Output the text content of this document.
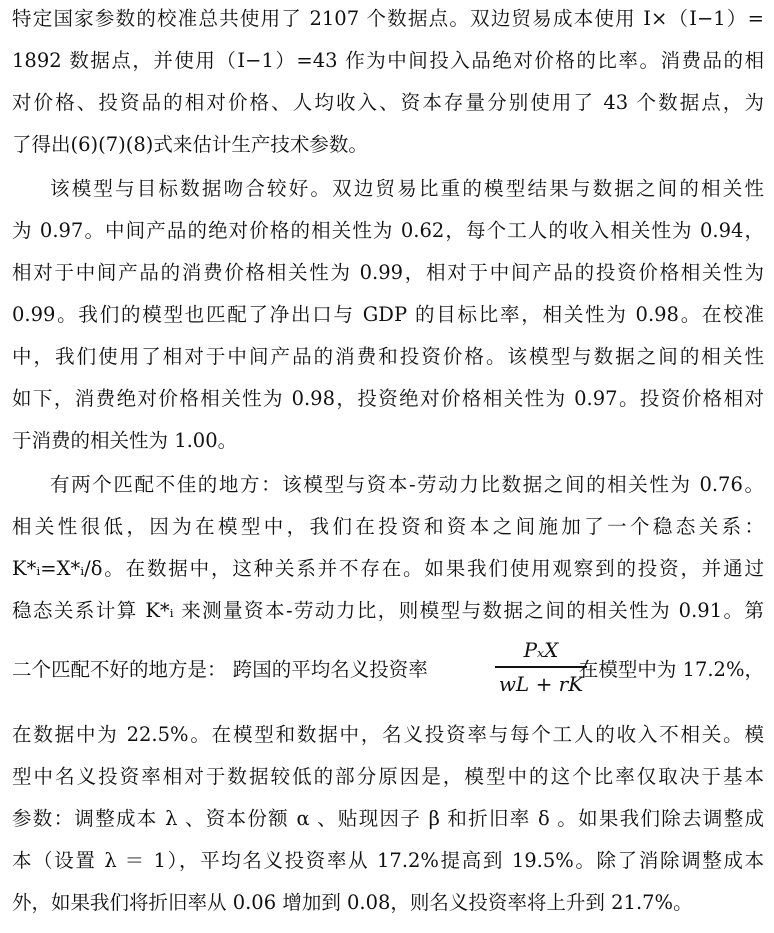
特定国家参数的校准总共使用了 2107 个数据点。双边贸易成本使用 I×（I−1）=
1892 数据点，并使用（I−1）=43 作为中间投入品绝对价格的比率。消费品的相
对价格、投资品的相对价格、人均收入、资本存量分别使用了 43 个数据点，为
了得出(6)(7)(8)式来估计生产技术参数。
该模型与目标数据吻合较好。双边贸易比重的模型结果与数据之间的相关性
为 0.97。中间产品的绝对价格的相关性为 0.62，每个工人的收入相关性为 0.94，
相对于中间产品的消费价格相关性为 0.99，相对于中间产品的投资价格相关性为
0.99。我们的模型也匹配了净出口与 GDP 的目标比率，相关性为 0.98。在校准
中，我们使用了相对于中间产品的消费和投资价格。该模型与数据之间的相关性
如下，消费绝对价格相关性为 0.98，投资绝对价格相关性为 0.97。投资价格相对
于消费的相关性为 1.00。
有两个匹配不佳的地方：该模型与资本-劳动力比数据之间的相关性为 0.76。
相关性很低，因为在模型中，我们在投资和资本之间施加了一个稳态关系：
K*ᵢ=X*ᵢ/δ。在数据中，这种关系并不存在。如果我们使用观察到的投资，并通过
稳态关系计算 K*ᵢ 来测量资本-劳动力比，则模型与数据之间的相关性为 0.91。第
二个匹配不好的地方是： 跨国的平均名义投资率
PₓX
wL + rK
在模型中为 17.2%，
在数据中为 22.5%。在模型和数据中，名义投资率与每个工人的收入不相关。模
型中名义投资率相对于数据较低的部分原因是，模型中的这个比率仅取决于基本
参数：调整成本 λ 、资本份额 α 、贴现因子 β 和折旧率 δ 。如果我们除去调整成
本（设置 λ ＝ 1），平均名义投资率从 17.2%提高到 19.5%。除了消除调整成本
外，如果我们将折旧率从 0.06 增加到 0.08，则名义投资率将上升到 21.7%。
